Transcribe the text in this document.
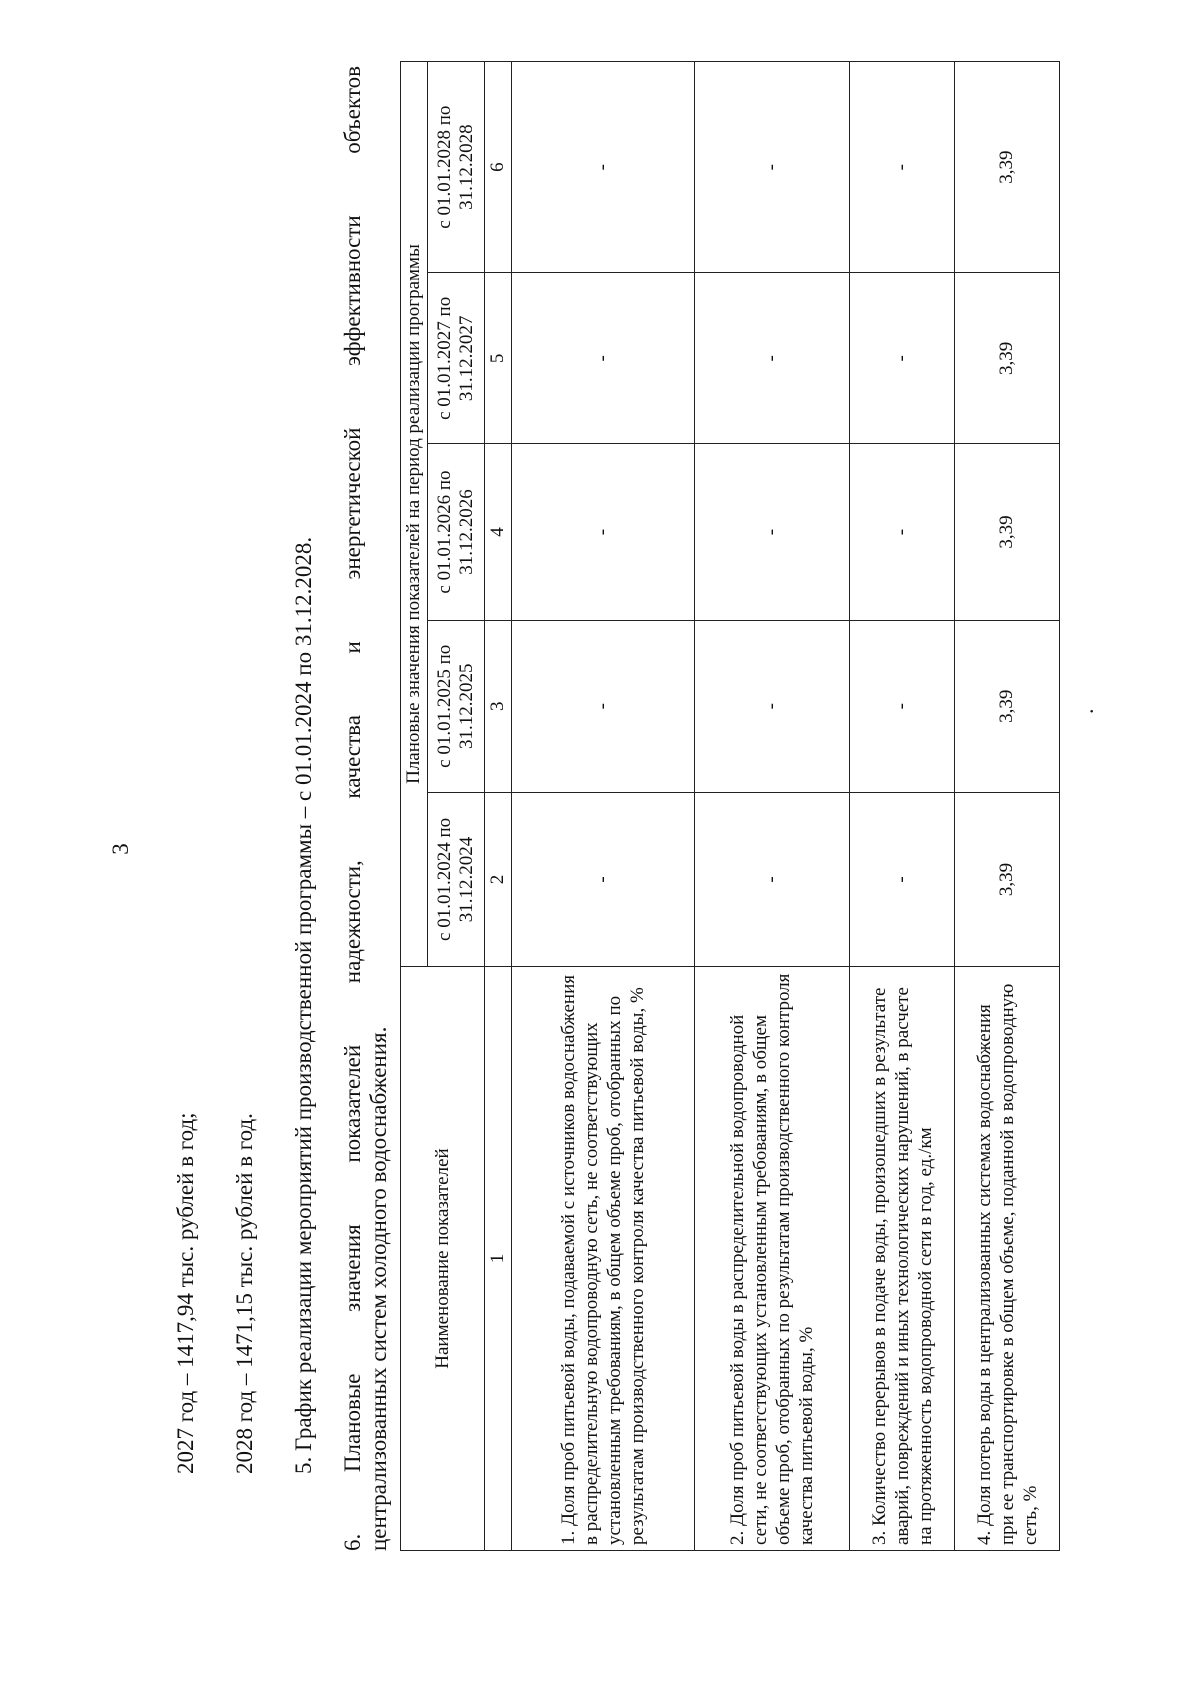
3
2027 год – 1417,94 тыс. рублей в год; 2028 год – 1471,15 тыс. рублей в год. 5. График реализации мероприятий производственной программы – с 01.01.2024 по 31.12.2028. 6. Плановые значения показателей надежности, качества и энергетической эффективности объектов централизованных систем холодного водоснабжения. Наименование показателей	Плановые значения показателей на период реализации программы				
	с 01.01.2024 по 31.12.2024	с 01.01.2025 по 31.12.2025	с 01.01.2026 по 31.12.2026	с 01.01.2027 по 31.12.2027	с 01.01.2028 по 31.12.2028
1	2	3	4	5	6
1. Доля проб питьевой воды, подаваемой с источников водоснабжения в распределительную водопроводную сеть, не соответствующих установленным требованиям, в общем объеме проб, отобранных по результатам производственного контроля качества питьевой воды, %	-	-	-	-	-
2. Доля проб питьевой воды в распределительной водопроводной сети, не соответствующих установленным требованиям, в общем объеме проб, отобранных по результатам производственного контроля качества питьевой воды, %	-	-	-	-	-
3. Количество перерывов в подаче воды, произошедших в результате аварий, повреждений и иных технологических нарушений, в расчете на протяженность водопроводной сети в год, ед./км	-	-	-	-	-
4. Доля потерь воды в централизованных системах водоснабжения при ее транспортировке в общем объеме, поданной в водопроводную сеть, %	3,39	3,39	3,39	3,39	3,39
.
